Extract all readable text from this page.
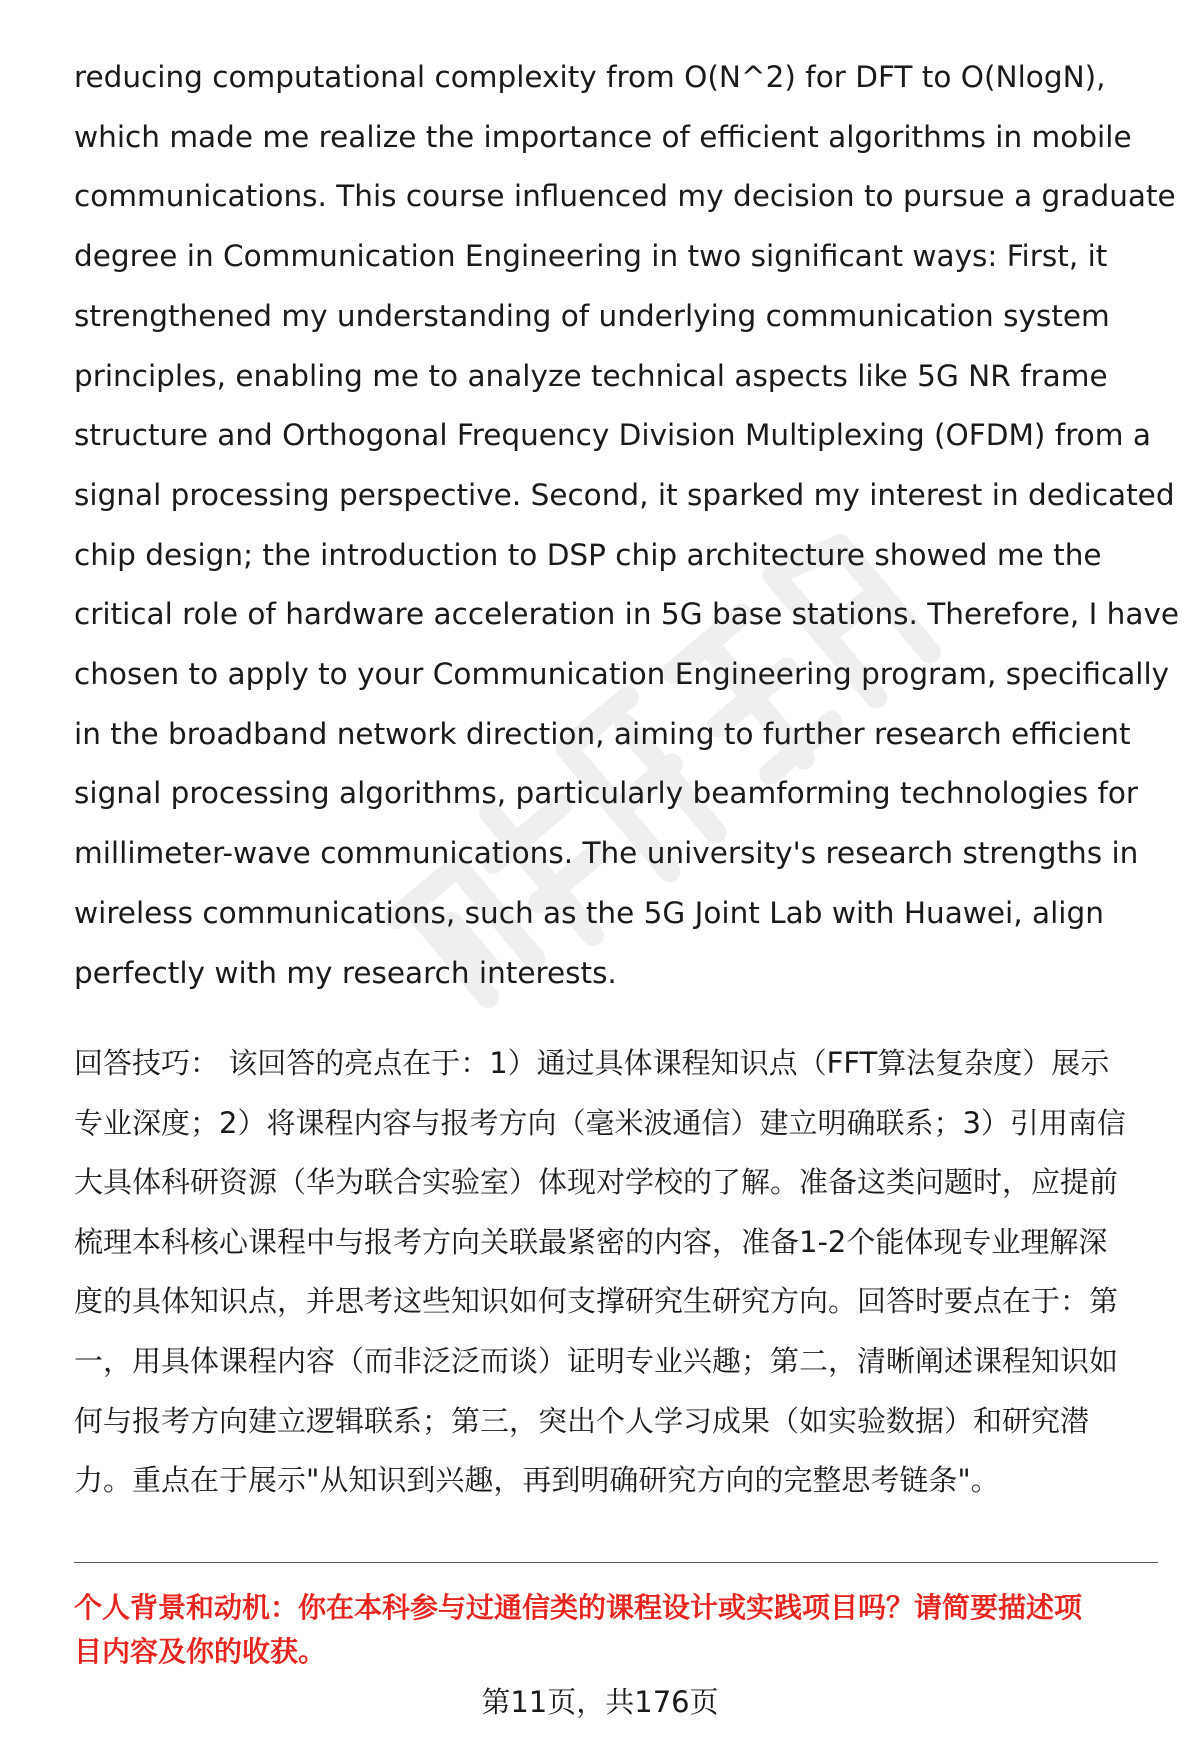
reducing computational complexity from O(N^2) for DFT to O(NlogN),
which made me realize the importance of efficient algorithms in mobile
communications. This course influenced my decision to pursue a graduate
degree in Communication Engineering in two significant ways: First, it
strengthened my understanding of underlying communication system
principles, enabling me to analyze technical aspects like 5G NR frame
structure and Orthogonal Frequency Division Multiplexing (OFDM) from a
signal processing perspective. Second, it sparked my interest in dedicated
chip design; the introduction to DSP chip architecture showed me the
critical role of hardware acceleration in 5G base stations. Therefore, I have
chosen to apply to your Communication Engineering program, specifically
in the broadband network direction, aiming to further research efficient
signal processing algorithms, particularly beamforming technologies for
millimeter-wave communications. The university's research strengths in
wireless communications, such as the 5G Joint Lab with Huawei, align
perfectly with my research interests.
回答技巧： 该回答的亮点在于：1）通过具体课程知识点（FFT算法复杂度）展示
专业深度；2）将课程内容与报考方向（毫米波通信）建立明确联系；3）引用南信
大具体科研资源（华为联合实验室）体现对学校的了解。准备这类问题时，应提前
梳理本科核心课程中与报考方向关联最紧密的内容，准备1-2个能体现专业理解深
度的具体知识点，并思考这些知识如何支撑研究生研究方向。回答时要点在于：第
一，用具体课程内容（而非泛泛而谈）证明专业兴趣；第二，清晰阐述课程知识如
何与报考方向建立逻辑联系；第三，突出个人学习成果（如实验数据）和研究潜
力。重点在于展示"从知识到兴趣，再到明确研究方向的完整思考链条"。
个人背景和动机：你在本科参与过通信类的课程设计或实践项目吗？请简要描述项
目内容及你的收获。
第11页，共176页
